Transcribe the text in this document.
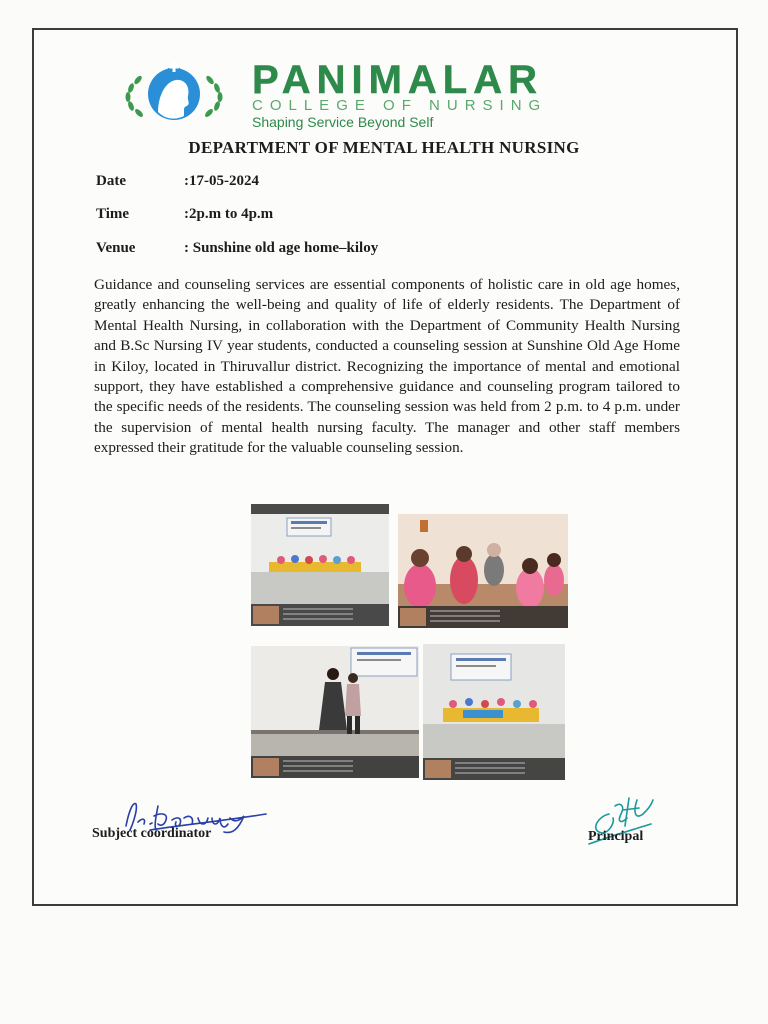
PANIMALAR
COLLEGE OF NURSING
Shaping Service Beyond Self
DEPARTMENT OF MENTAL HEALTH NURSING
Date	:17-05-2024
Time	:2p.m to 4p.m
Venue	: Sunshine old age home–kiloy
Guidance and counseling services are essential components of holistic care in old age homes, greatly enhancing the well-being and quality of life of elderly residents. The Department of Mental Health Nursing, in collaboration with the Department of Community Health Nursing and B.Sc Nursing IV year students, conducted a counseling session at Sunshine Old Age Home in Kiloy, located in Thiruvallur district. Recognizing the importance of mental and emotional support, they have established a comprehensive guidance and counseling program tailored to the specific needs of the residents. The counseling session was held from 2 p.m. to 4 p.m. under the supervision of mental health nursing faculty. The manager and other staff members expressed their gratitude for the valuable counseling session.
Subject coordinator	Principal
